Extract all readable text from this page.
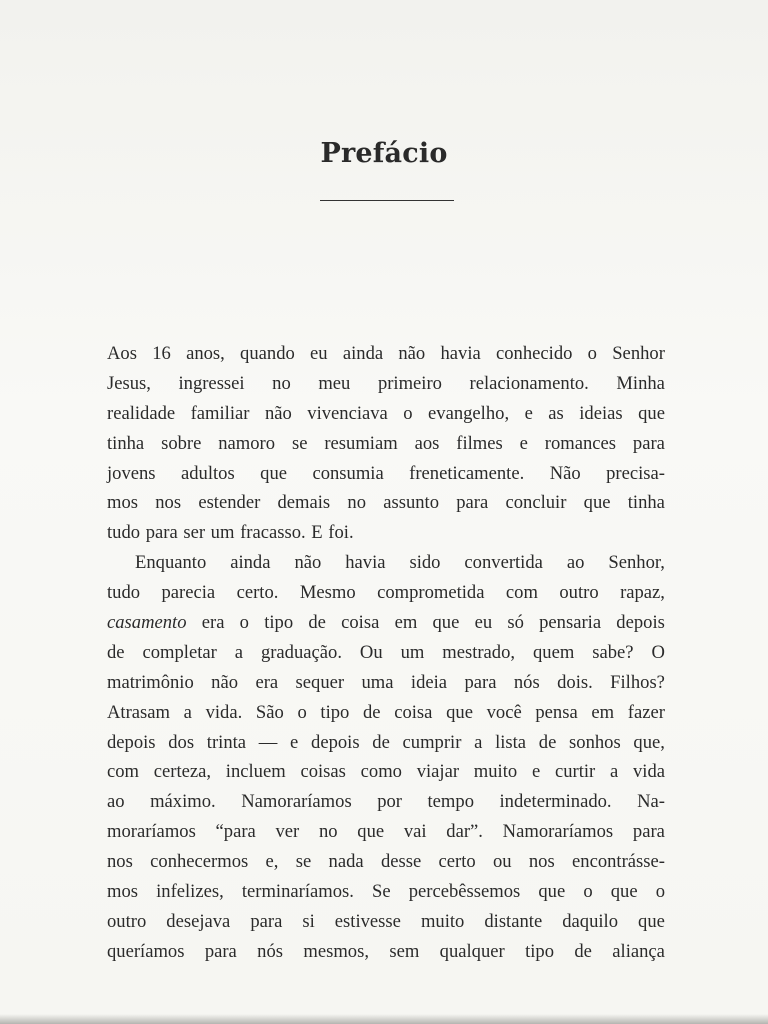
Prefácio
Aos 16 anos, quando eu ainda não havia conhecido o Senhor
Jesus, ingressei no meu primeiro relacionamento. Minha
realidade familiar não vivenciava o evangelho, e as ideias que
tinha sobre namoro se resumiam aos filmes e romances para
jovens adultos que consumia freneticamente. Não precisa-
mos nos estender demais no assunto para concluir que tinha
tudo para ser um fracasso. E foi.
Enquanto ainda não havia sido convertida ao Senhor,
tudo parecia certo. Mesmo comprometida com outro rapaz,
casamento era o tipo de coisa em que eu só pensaria depois
de completar a graduação. Ou um mestrado, quem sabe? O
matrimônio não era sequer uma ideia para nós dois. Filhos?
Atrasam a vida. São o tipo de coisa que você pensa em fazer
depois dos trinta — e depois de cumprir a lista de sonhos que,
com certeza, incluem coisas como viajar muito e curtir a vida
ao máximo. Namoraríamos por tempo indeterminado. Na-
moraríamos “para ver no que vai dar”. Namoraríamos para
nos conhecermos e, se nada desse certo ou nos encontrásse-
mos infelizes, terminaríamos. Se percebêssemos que o que o
outro desejava para si estivesse muito distante daquilo que
queríamos para nós mesmos, sem qualquer tipo de aliança
